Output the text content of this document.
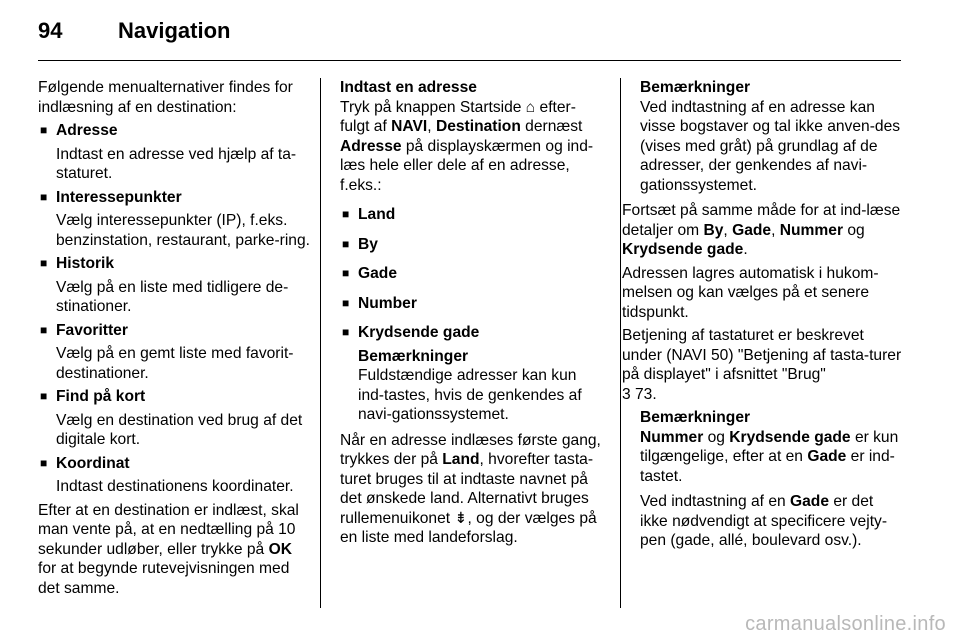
94	Navigation

Følgende menualternativer findes for indlæsning af en destination:

■ Adresse
Indtast en adresse ved hjælp af ta-staturet.
■ Interessepunkter
Vælg interessepunkter (IP), f.eks. benzinstation, restaurant, parke-ring.
■ Historik
Vælg på en liste med tidligere de-stinationer.
■ Favoritter
Vælg på en gemt liste med favorit-destinationer.
■ Find på kort
Vælg en destination ved brug af det digitale kort.
■ Koordinat
Indtast destinationens koordinater.

Efter at en destination er indlæst, skal man vente på, at en nedtælling på 10 sekunder udløber, eller trykke på OK for at begynde rutevejvisningen med det samme.

Indtast en adresse

Tryk på knappen Startside ⌂ efter-fulgt af NAVI, Destination dernæst Adresse på displayskærmen og ind-læs hele eller dele af en adresse, f.eks.:

■ Land
■ By
■ Gade
■ Number
■ Krydsende gade
Bemærkninger
Fuldstændige adresser kan kun ind-tastes, hvis de genkendes af navi-gationssystemet.

Når en adresse indlæses første gang, trykkes der på Land, hvorefter tasta-turet bruges til at indtaste navnet på det ønskede land. Alternativt bruges rullemenuikonet ⇟, og der vælges på en liste med landeforslag.

Bemærkninger
Ved indtastning af en adresse kan visse bogstaver og tal ikke anven-des (vises med gråt) på grundlag af de adresser, der genkendes af navi-gationssystemet.

Fortsæt på samme måde for at ind-læse detaljer om By, Gade, Nummer og Krydsende gade.

Adressen lagres automatisk i hukom-melsen og kan vælges på et senere tidspunkt.

Betjening af tastaturet er beskrevet under (NAVI 50) "Betjening af tasta-turer på displayet" i afsnittet "Brug"
3 73.

Bemærkninger
Nummer og Krydsende gade er kun tilgængelige, efter at en Gade er ind-tastet.
Ved indtastning af en Gade er det ikke nødvendigt at specificere vejty-pen (gade, allé, boulevard osv.).
carmanualsonline.info
